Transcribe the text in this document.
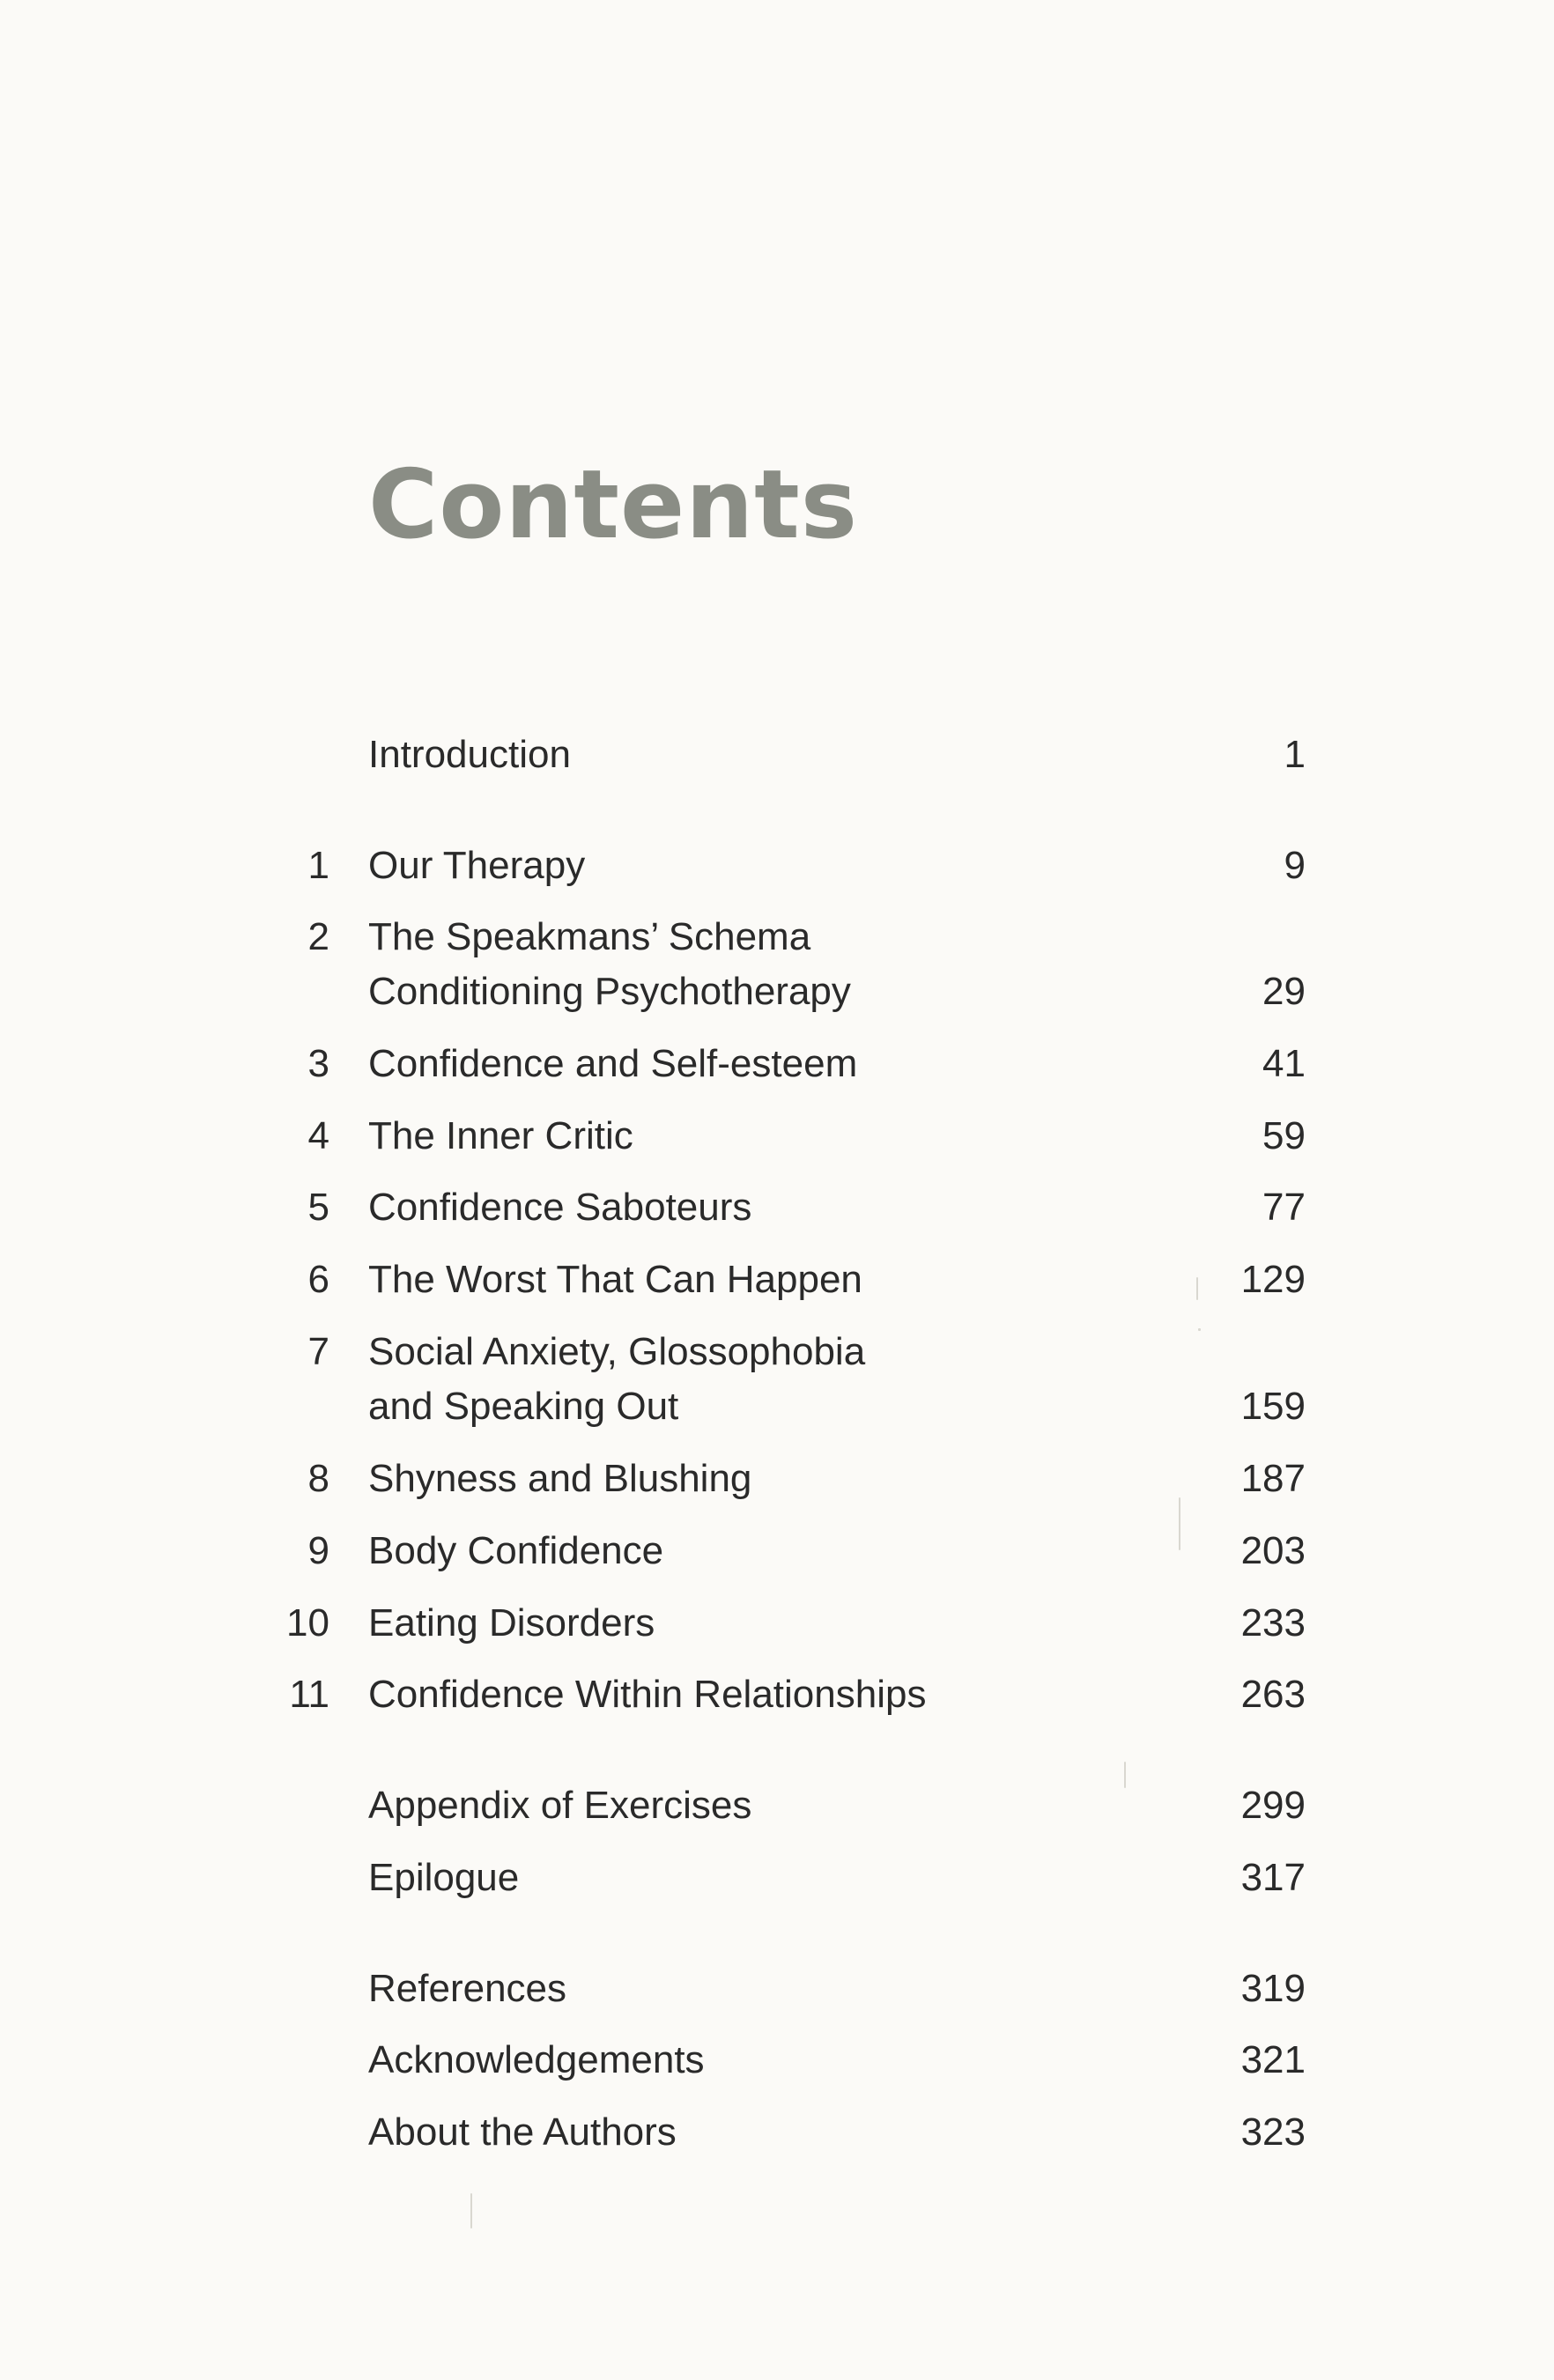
Contents
Introduction	1
1 Our Therapy	9
2 The Speakmans’ Schema
Conditioning Psychotherapy	29
3 Confidence and Self-esteem	41
4 The Inner Critic	59
5 Confidence Saboteurs	77
6 The Worst That Can Happen	129
7 Social Anxiety, Glossophobia
and Speaking Out	159
8 Shyness and Blushing	187
9 Body Confidence	203
10 Eating Disorders	233
11 Confidence Within Relationships	263
Appendix of Exercises	299
Epilogue	317
References	319
Acknowledgements	321
About the Authors	323
